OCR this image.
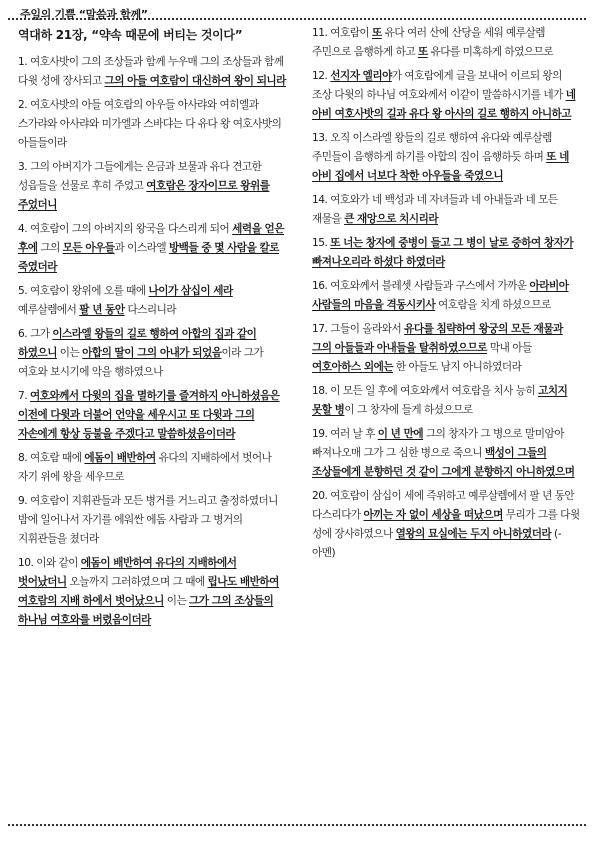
주일의 기쁨 “말씀과 함께”
역대하 21장, “약속 때문에 버티는 것이다”

1. 여호사밧이 그의 조상들과 함께 누우매 그의 조상들과 함께 다윗 성에 장사되고 그의 아들 여호람이 대신하여 왕이 되니라

2. 여호사밧의 아들 여호람의 아우들 아사랴와 여히엘과 스가랴와 아사랴와 미가엘과 스바댜는 다 유다 왕 여호사밧의 아들들이라

3. 그의 아버지가 그들에게는 은금과 보물과 유다 견고한 성읍들을 선물로 후히 주었고 여호람은 장자이므로 왕위를 주었더니

4. 여호람이 그의 아버지의 왕국을 다스리게 되어 세력을 얻은 후에 그의 모든 아우들과 이스라엘 방백들 중 몇 사람을 칼로 죽였더라

5. 여호람이 왕위에 오를 때에 나이가 삼십이 세라 예루살렘에서 팔 년 동안 다스리니라

6. 그가 이스라엘 왕들의 길로 행하여 아합의 집과 같이 하였으니 이는 아합의 딸이 그의 아내가 되었음이라 그가 여호와 보시기에 악을 행하였으나

7. 여호와께서 다윗의 집을 멸하기를 즐겨하지 아니하셨음은 이전에 다윗과 더불어 언약을 세우시고 또 다윗과 그의 자손에게 항상 등불을 주겠다고 말씀하셨음이더라

8. 여호람 때에 에돔이 배반하여 유다의 지배하에서 벗어나 자기 위에 왕을 세우므로

9. 여호람이 지휘관들과 모든 병거를 거느리고 출정하였더니 밤에 일어나서 자기를 에워싼 에돔 사람과 그 병거의 지휘관들을 쳤더라

10. 이와 같이 에돔이 배반하여 유다의 지배하에서 벗어났더니 오늘까지 그러하였으며 그 때에 립나도 배반하여 여호람의 지배 하에서 벗어났으니 이는 그가 그의 조상들의 하나님 여호와를 버렸음이더라

11. 여호람이 또 유다 여러 산에 산당을 세워 예루살렘 주민으로 음행하게 하고 또 유다를 미혹하게 하였으므로

12. 선지자 엘리야가 여호람에게 글을 보내어 이르되 왕의 조상 다윗의 하나님 여호와께서 이같이 말씀하시기를 네가 네 아비 여호사밧의 길과 유다 왕 아사의 길로 행하지 아니하고

13. 오직 이스라엘 왕들의 길로 행하여 유다와 예루살렘 주민들이 음행하게 하기를 아합의 집이 음행하듯 하며 또 네 아비 집에서 너보다 착한 아우들을 죽였으니

14. 여호와가 네 백성과 네 자녀들과 네 아내들과 네 모든 재물을 큰 재앙으로 치시리라

15. 또 너는 창자에 중병이 들고 그 병이 날로 중하여 창자가 빠져나오리라 하셨다 하였더라

16. 여호와께서 블레셋 사람들과 구스에서 가까운 아라비아 사람들의 마음을 격동시키사 여호람을 치게 하셨으므로

17. 그들이 올라와서 유다를 침략하여 왕궁의 모든 재물과 그의 아들들과 아내들을 탈취하였으므로 막내 아들 여호아하스 외에는 한 아들도 남지 아니하였더라

18. 이 모든 일 후에 여호와께서 여호람을 치사 능히 고치지 못할 병이 그 창자에 들게 하셨으므로

19. 여러 날 후 이 년 만에 그의 창자가 그 병으로 말미암아 빠져나오매 그가 그 심한 병으로 죽으니 백성이 그들의 조상들에게 분향하던 것 같이 그에게 분향하지 아니하였으며

20. 여호람이 삼십이 세에 즉위하고 예루살렘에서 팔 년 동안 다스리다가 아끼는 자 없이 세상을 떠났으며 무리가 그를 다윗 성에 장사하였으나 열왕의 묘실에는 두지 아니하였더라 (-아멘)
